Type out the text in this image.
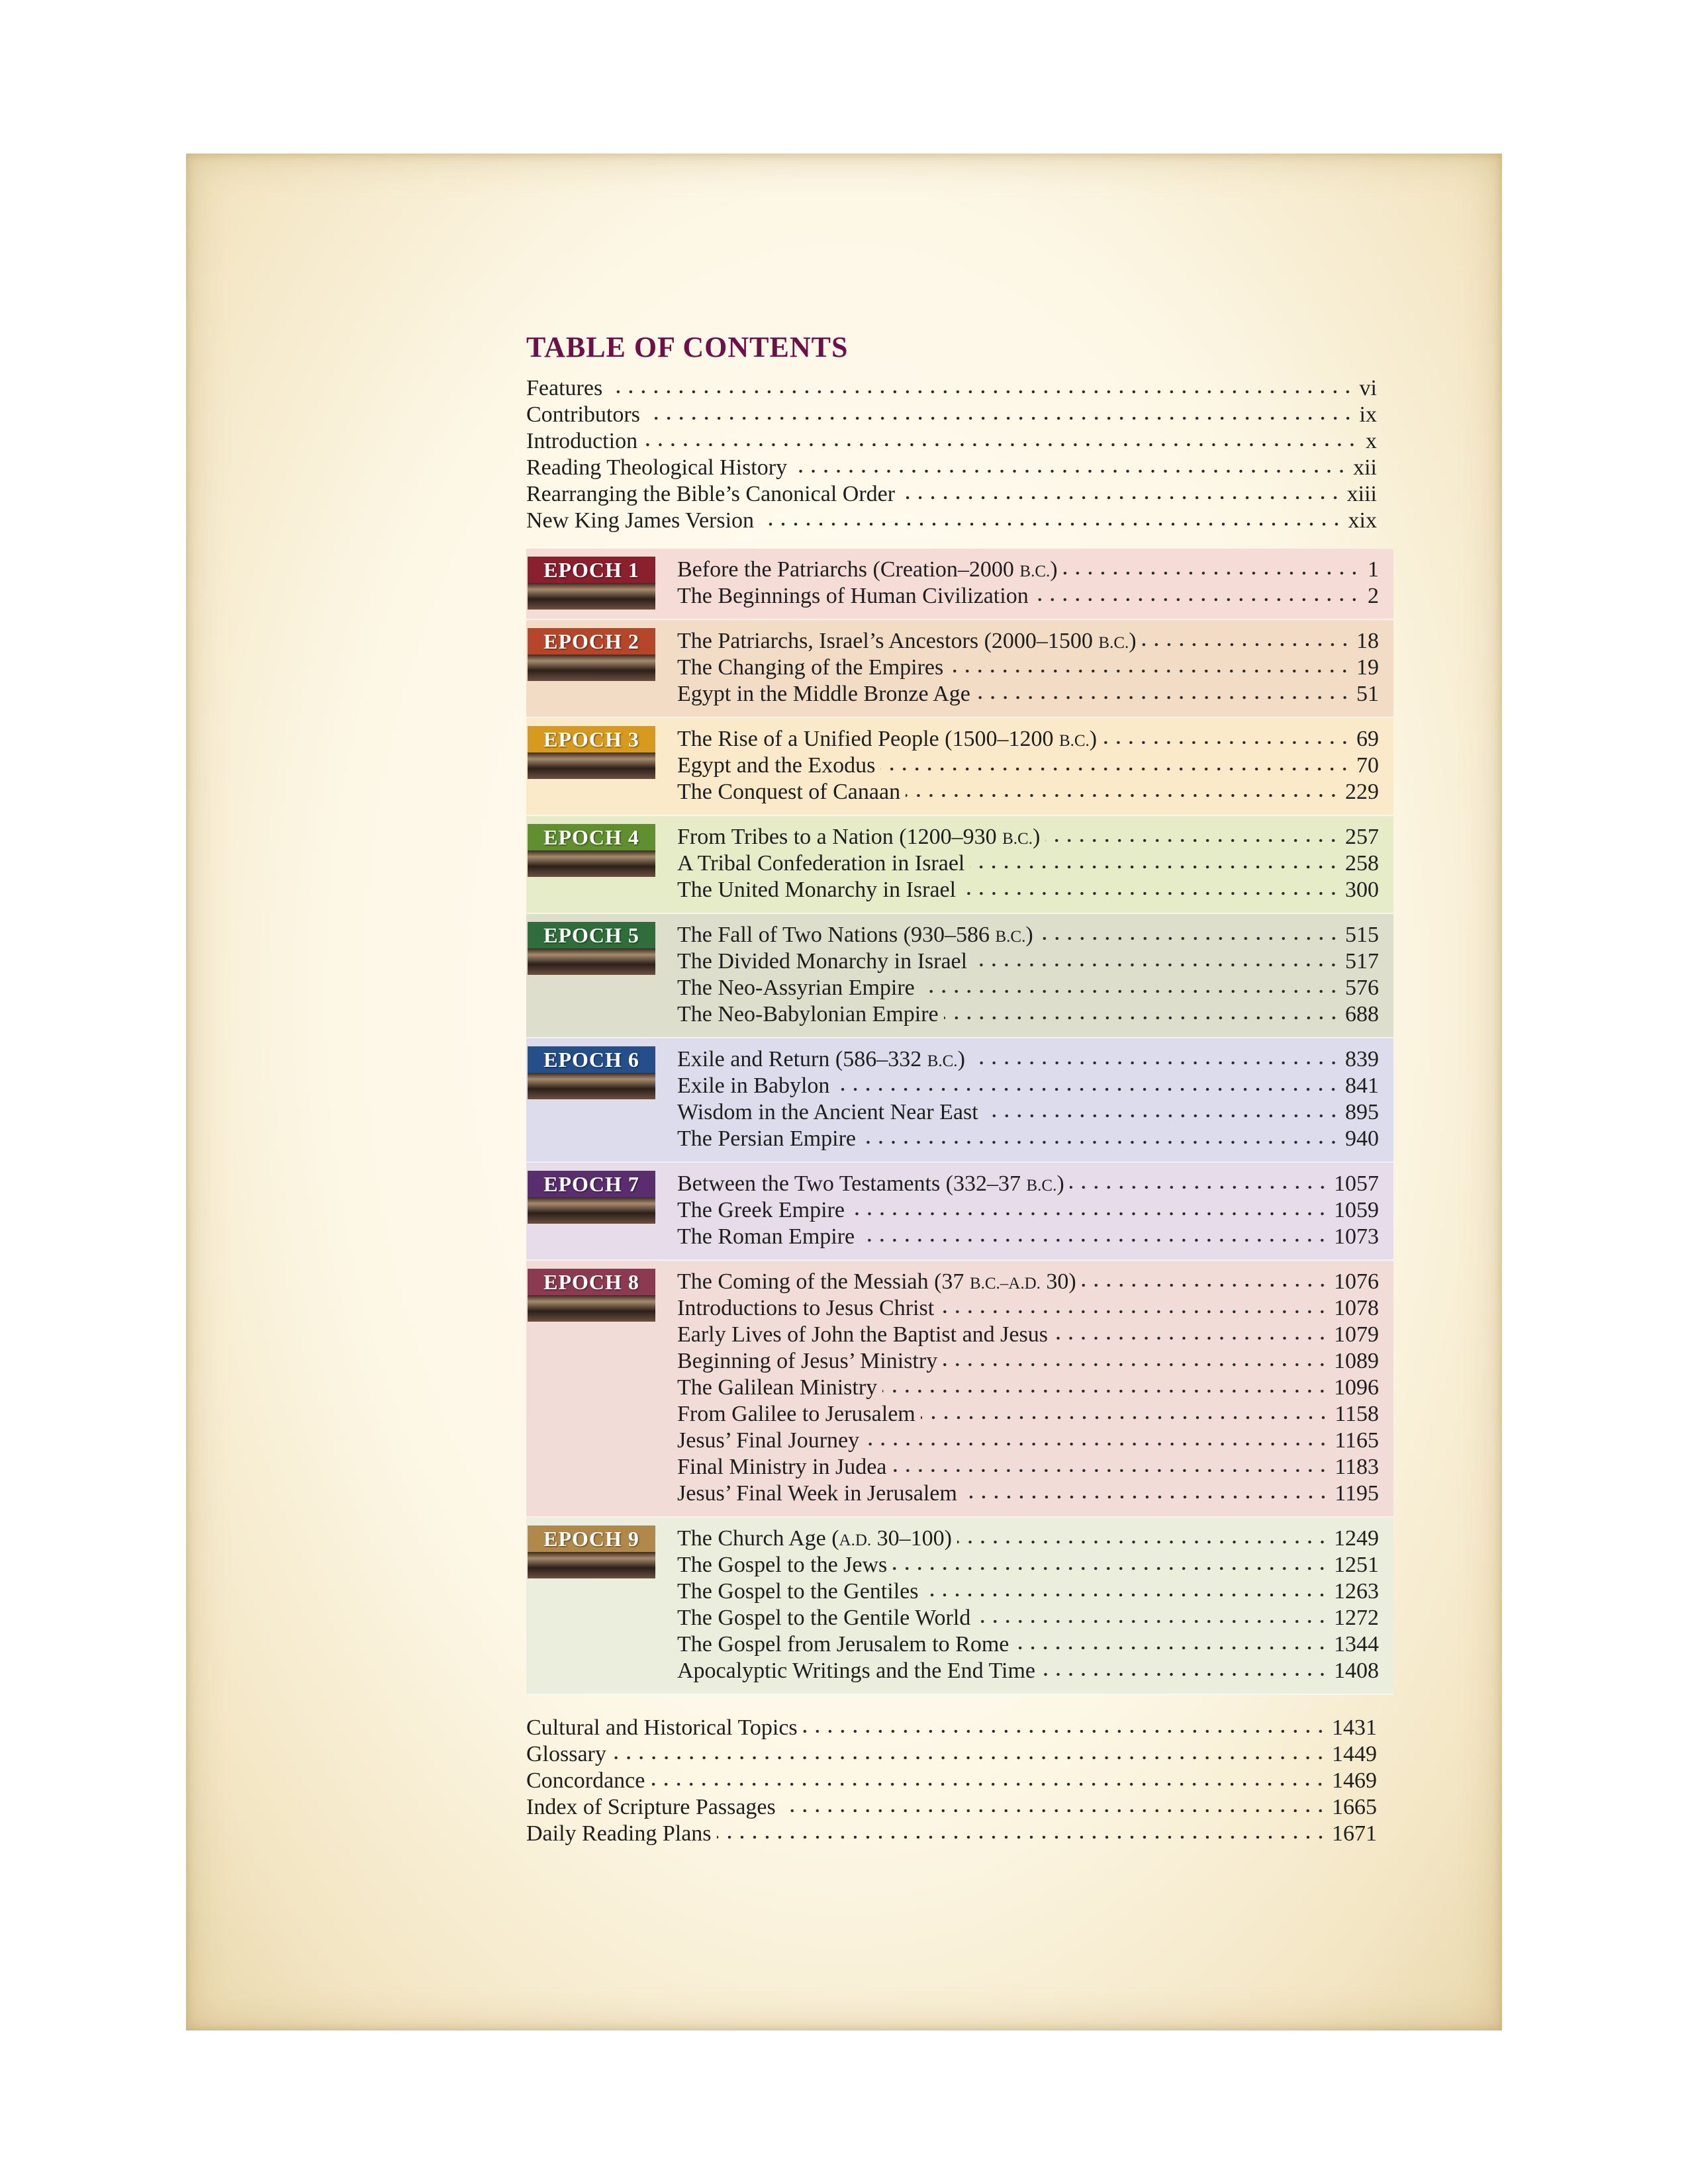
TABLE OF CONTENTS
Features	vi
Contributors	ix
Introduction	x
Reading Theological History	xii
Rearranging the Bible’s Canonical Order	xiii
New King James Version	xix
EPOCH 1	Before the Patriarchs (Creation–2000 B.C.)	1
The Beginnings of Human Civilization	2
EPOCH 2	The Patriarchs, Israel’s Ancestors (2000–1500 B.C.)	18
The Changing of the Empires	19
Egypt in the Middle Bronze Age	51
EPOCH 3	The Rise of a Unified People (1500–1200 B.C.)	69
Egypt and the Exodus	70
The Conquest of Canaan	229
EPOCH 4	From Tribes to a Nation (1200–930 B.C.)	257
A Tribal Confederation in Israel	258
The United Monarchy in Israel	300
EPOCH 5	The Fall of Two Nations (930–586 B.C.)	515
The Divided Monarchy in Israel	517
The Neo-Assyrian Empire	576
The Neo-Babylonian Empire	688
EPOCH 6	Exile and Return (586–332 B.C.)	839
Exile in Babylon	841
Wisdom in the Ancient Near East	895
The Persian Empire	940
EPOCH 7	Between the Two Testaments (332–37 B.C.)	1057
The Greek Empire	1059
The Roman Empire	1073
EPOCH 8	The Coming of the Messiah (37 B.C.–A.D. 30)	1076
Introductions to Jesus Christ	1078
Early Lives of John the Baptist and Jesus	1079
Beginning of Jesus’ Ministry	1089
The Galilean Ministry	1096
From Galilee to Jerusalem	1158
Jesus’ Final Journey	1165
Final Ministry in Judea	1183
Jesus’ Final Week in Jerusalem	1195
EPOCH 9	The Church Age (A.D. 30–100)	1249
The Gospel to the Jews	1251
The Gospel to the Gentiles	1263
The Gospel to the Gentile World	1272
The Gospel from Jerusalem to Rome	1344
Apocalyptic Writings and the End Time	1408
Cultural and Historical Topics	1431
Glossary	1449
Concordance	1469
Index of Scripture Passages	1665
Daily Reading Plans	1671
